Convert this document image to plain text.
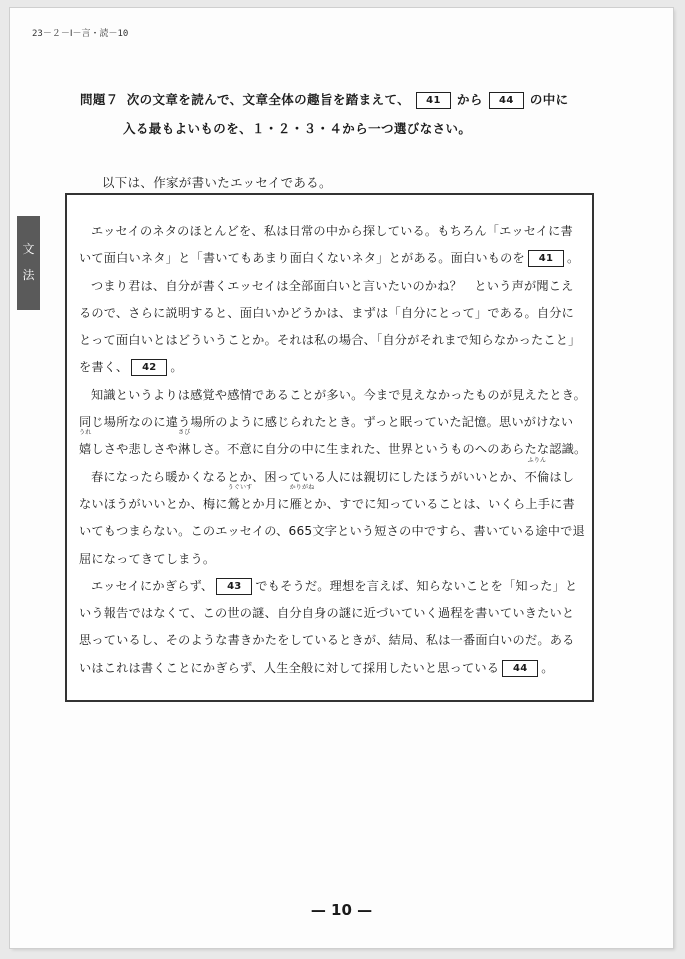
23－２－Ⅰ－言・読－10
問題７ 次の文章を読んで、文章全体の趣旨を踏まえて、 41 から 44 の中に
入る最もよいものを、１・２・３・４から一つ選びなさい。
以下は、作家が書いたエッセイである。
文
法
エッセイのネタのほとんどを、私は日常の中から探している。もちろん「エッセイに書
いて面白いネタ」と「書いてもあまり面白くないネタ」とがある。面白いものを 41 。
つまり君は、自分が書くエッセイは全部面白いと言いたいのかね？　という声が聞こえ
るので、さらに説明すると、面白いかどうかは、まずは「自分にとって」である。自分に
とって面白いとはどういうことか。それは私の場合、「自分がそれまで知らなかったこと」
を書く、 42 。
知識というよりは感覚や感情であることが多い。今まで見えなかったものが見えたとき。
同じ場所なのに違う場所のように感じられたとき。ずっと眠っていた記憶。思いがけない
うれ
嬉しさや悲しさや
さび
淋しさ。不意に自分の中に生まれた、世界というものへのあらたな認識。
春になったら暖かくなるとか、困っている人には親切にしたほうがいいとか、
ふりん
不倫はし
ないほうがいいとか、梅に
うぐいす
鶯とか月に
かりがね
雁とか、すでに知っていることは、いくら上手に書
いてもつまらない。このエッセイの、665文字という短さの中ですら、書いている途中で退
屈になってきてしまう。
エッセイにかぎらず、 43 でもそうだ。理想を言えば、知らないことを「知った」と
いう報告ではなくて、この世の謎、自分自身の謎に近づいていく過程を書いていきたいと
思っているし、そのような書きかたをしているときが、結局、私は一番面白いのだ。ある
いはこれは書くことにかぎらず、人生全般に対して採用したいと思っている 44 。
— 10 —
